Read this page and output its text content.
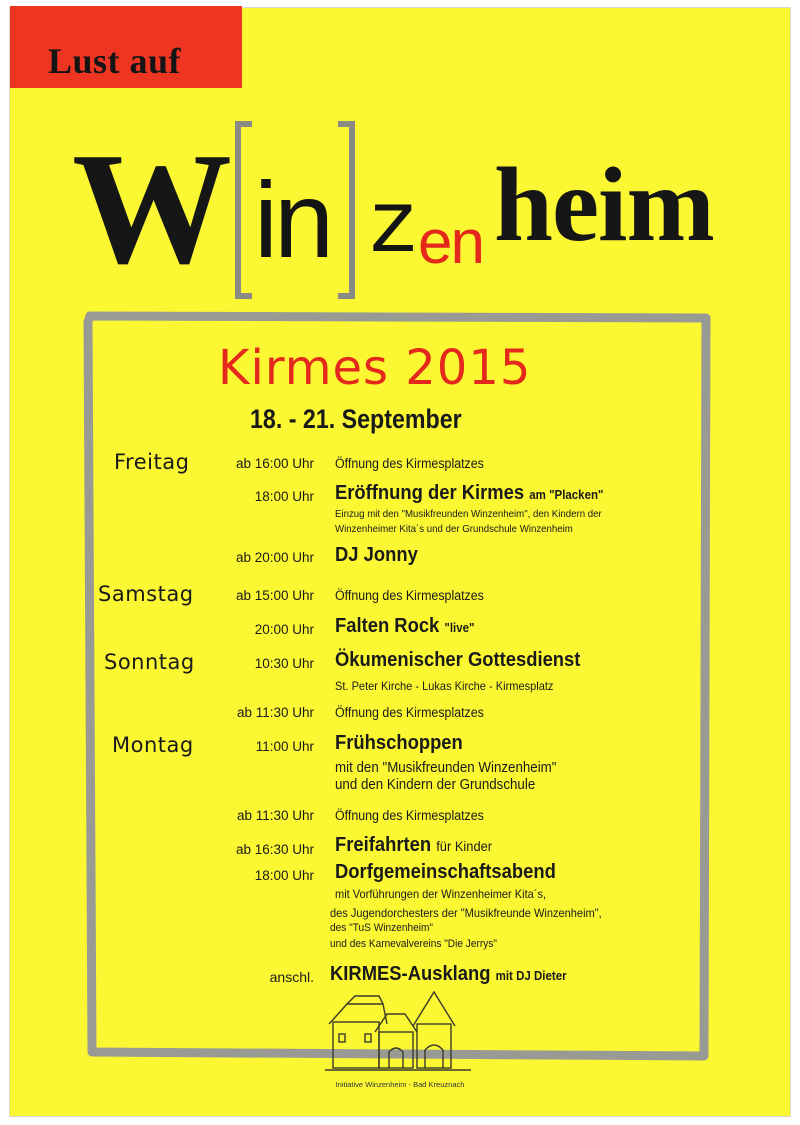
Lust auf
W in z
en heim
Kirmes 2015
18. - 21. September
Freitag	ab 16:00 Uhr Öffnung des Kirmesplatzes
18:00 Uhr Eröffnung der Kirmes am "Placken"
Einzug mit den "Musikfreunden Winzenheim", den Kindern der
Winzenheimer Kita´s und der Grundschule Winzenheim
ab 20:00 Uhr DJ Jonny
Samstag	ab 15:00 Uhr Öffnung des Kirmesplatzes
20:00 Uhr Falten Rock "live"
Sonntag	10:30 Uhr Ökumenischer Gottesdienst
St. Peter Kirche - Lukas Kirche - Kirmesplatz
ab 11:30 Uhr Öffnung des Kirmesplatzes
Montag	11:00 Uhr Frühschoppen
mit den "Musikfreunden Winzenheim"
und den Kindern der Grundschule
ab 11:30 Uhr Öffnung des Kirmesplatzes
ab 16:30 Uhr Freifahrten für Kinder
18:00 Uhr Dorfgemeinschaftsabend
mit Vorführungen der Winzenheimer Kita´s,
des Jugendorchesters der "Musikfreunde Winzenheim",
des "TuS Winzenheim"
und des Karnevalvereins "Die Jerrys"
anschl. KIRMES-Ausklang mit DJ Dieter
Initiative Winzenheim - Bad Kreuznach
